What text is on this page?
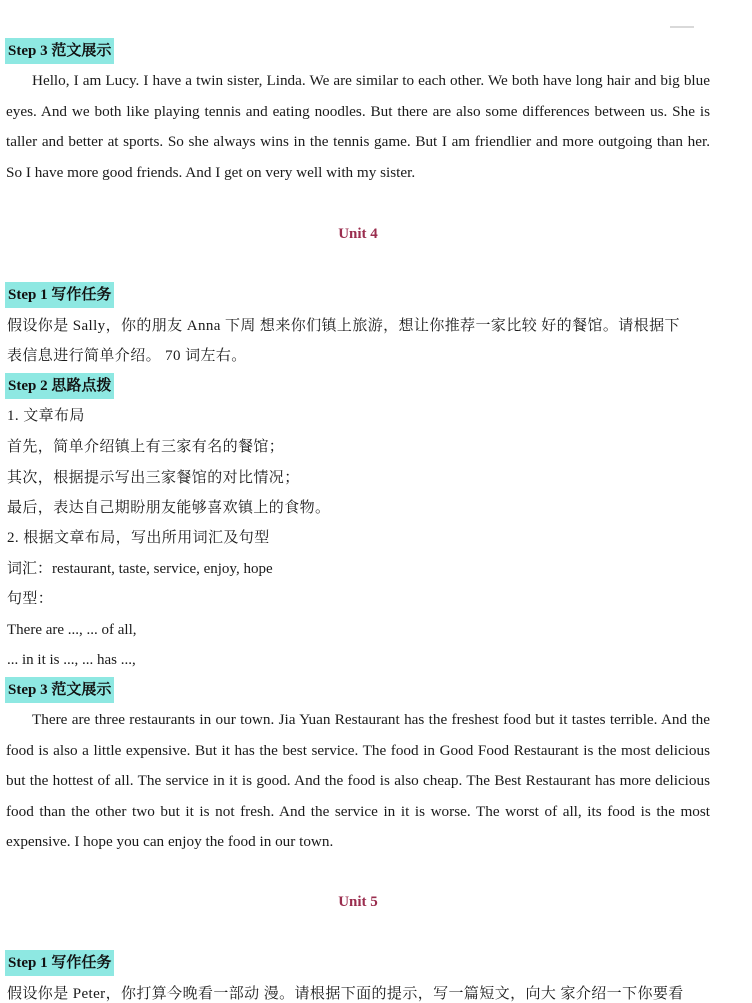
Step 3 范文展示
Hello, I am Lucy. I have a twin sister, Linda. We are similar to each other. We both have long hair and big blue eyes. And we both like playing tennis and eating noodles. But there are also some differences between us. She is taller and better at sports. So she always wins in the tennis game. But I am friendlier and more outgoing than her. So I have more good friends. And I get on very well with my sister.
Unit 4
Step 1 写作任务
假设你是 Sally，你的朋友 Anna 下周 想来你们镇上旅游，想让你推荐一家比较 好的餐馆。请根据下
表信息进行简单介绍。 70 词左右。
Step 2 思路点拨
1. 文章布局
首先，简单介绍镇上有三家有名的餐馆；
其次，根据提示写出三家餐馆的对比情况；
最后，表达自己期盼朋友能够喜欢镇上的食物。
2. 根据文章布局，写出所用词汇及句型
词汇：restaurant, taste, service, enjoy, hope
句型：
There are ..., ... of all,
... in it is ..., ... has ...,
Step 3 范文展示
There are three restaurants in our town. Jia Yuan Restaurant has the freshest food but it tastes terrible. And the food is also a little expensive. But it has the best service. The food in Good Food Restaurant is the most delicious but the hottest of all. The service in it is good. And the food is also cheap. The Best Restaurant has more delicious food than the other two but it is not fresh. And the service in it is worse. The worst of all, its food is the most expensive. I hope you can enjoy the food in our town.
Unit 5
Step 1 写作任务
假设你是 Peter，你打算今晚看一部动 漫。请根据下面的提示，写一篇短文，向大 家介绍一下你要看
